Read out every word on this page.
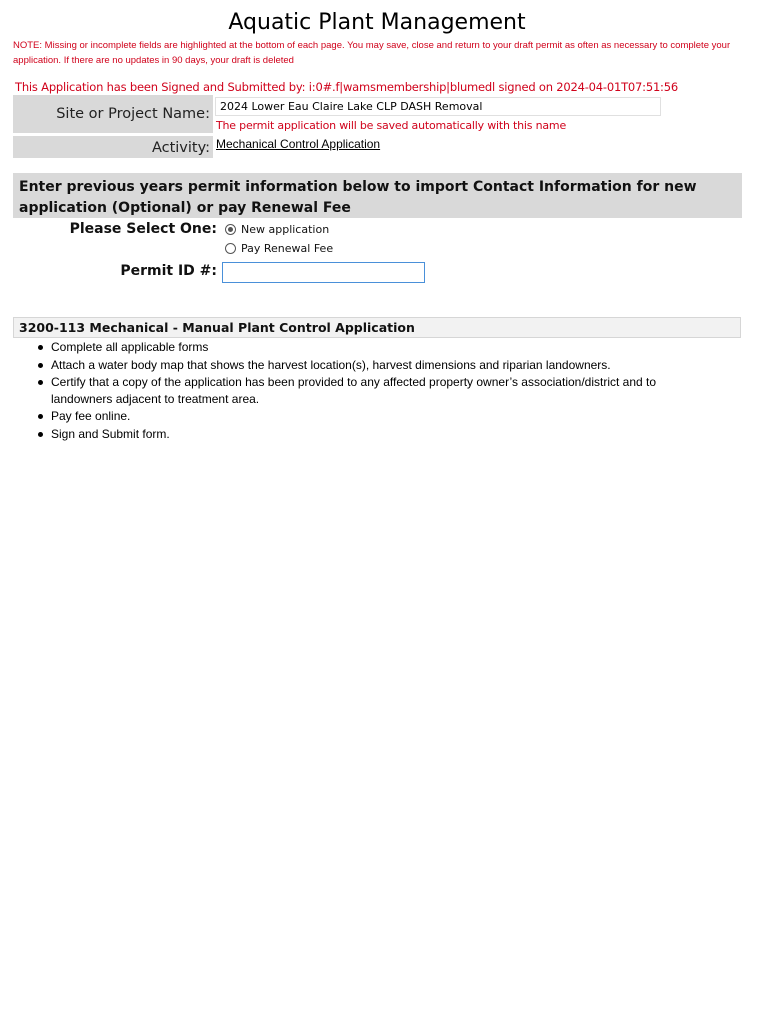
Aquatic Plant Management
NOTE: Missing or incomplete fields are highlighted at the bottom of each page. You may save, close and return to your draft permit as often as necessary to complete your application. If there are no updates in 90 days, your draft is deleted
This Application has been Signed and Submitted by: i:0#.f|wamsmembership|blumedl signed on 2024-04-01T07:51:56
Site or Project Name:
2024 Lower Eau Claire Lake CLP DASH Removal
The permit application will be saved automatically with this name
Activity: Mechanical Control Application
Enter previous years permit information below to import Contact Information for new application (Optional) or pay Renewal Fee
Please Select One: New application
Pay Renewal Fee
Permit ID #:
3200-113 Mechanical - Manual Plant Control Application
Complete all applicable forms
Attach a water body map that shows the harvest location(s), harvest dimensions and riparian landowners.
Certify that a copy of the application has been provided to any affected property owner’s association/district and to landowners adjacent to treatment area.
Pay fee online.
Sign and Submit form.
